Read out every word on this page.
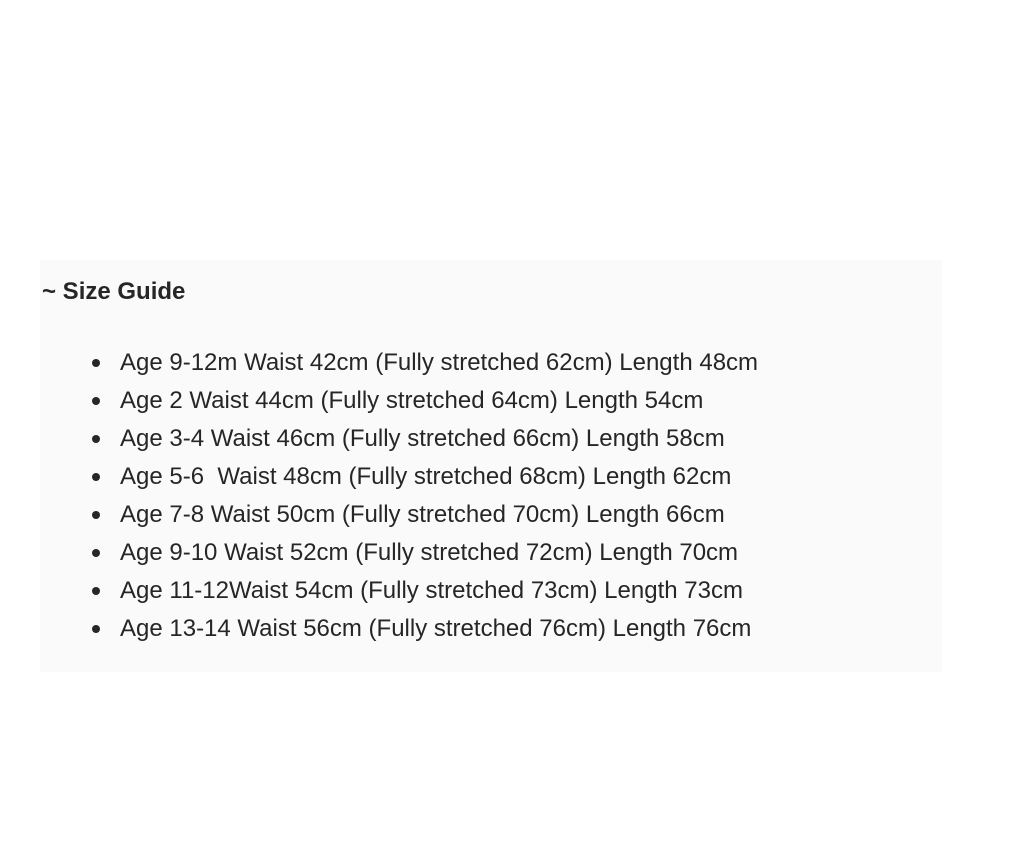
~ Size Guide
Age 9-12m Waist 42cm (Fully stretched 62cm) Length 48cm
Age 2 Waist 44cm (Fully stretched 64cm) Length 54cm
Age 3-4 Waist 46cm (Fully stretched 66cm) Length 58cm
Age 5-6  Waist 48cm (Fully stretched 68cm) Length 62cm
Age 7-8 Waist 50cm (Fully stretched 70cm) Length 66cm
Age 9-10 Waist 52cm (Fully stretched 72cm) Length 70cm
Age 11-12Waist 54cm (Fully stretched 73cm) Length 73cm
Age 13-14 Waist 56cm (Fully stretched 76cm) Length 76cm
